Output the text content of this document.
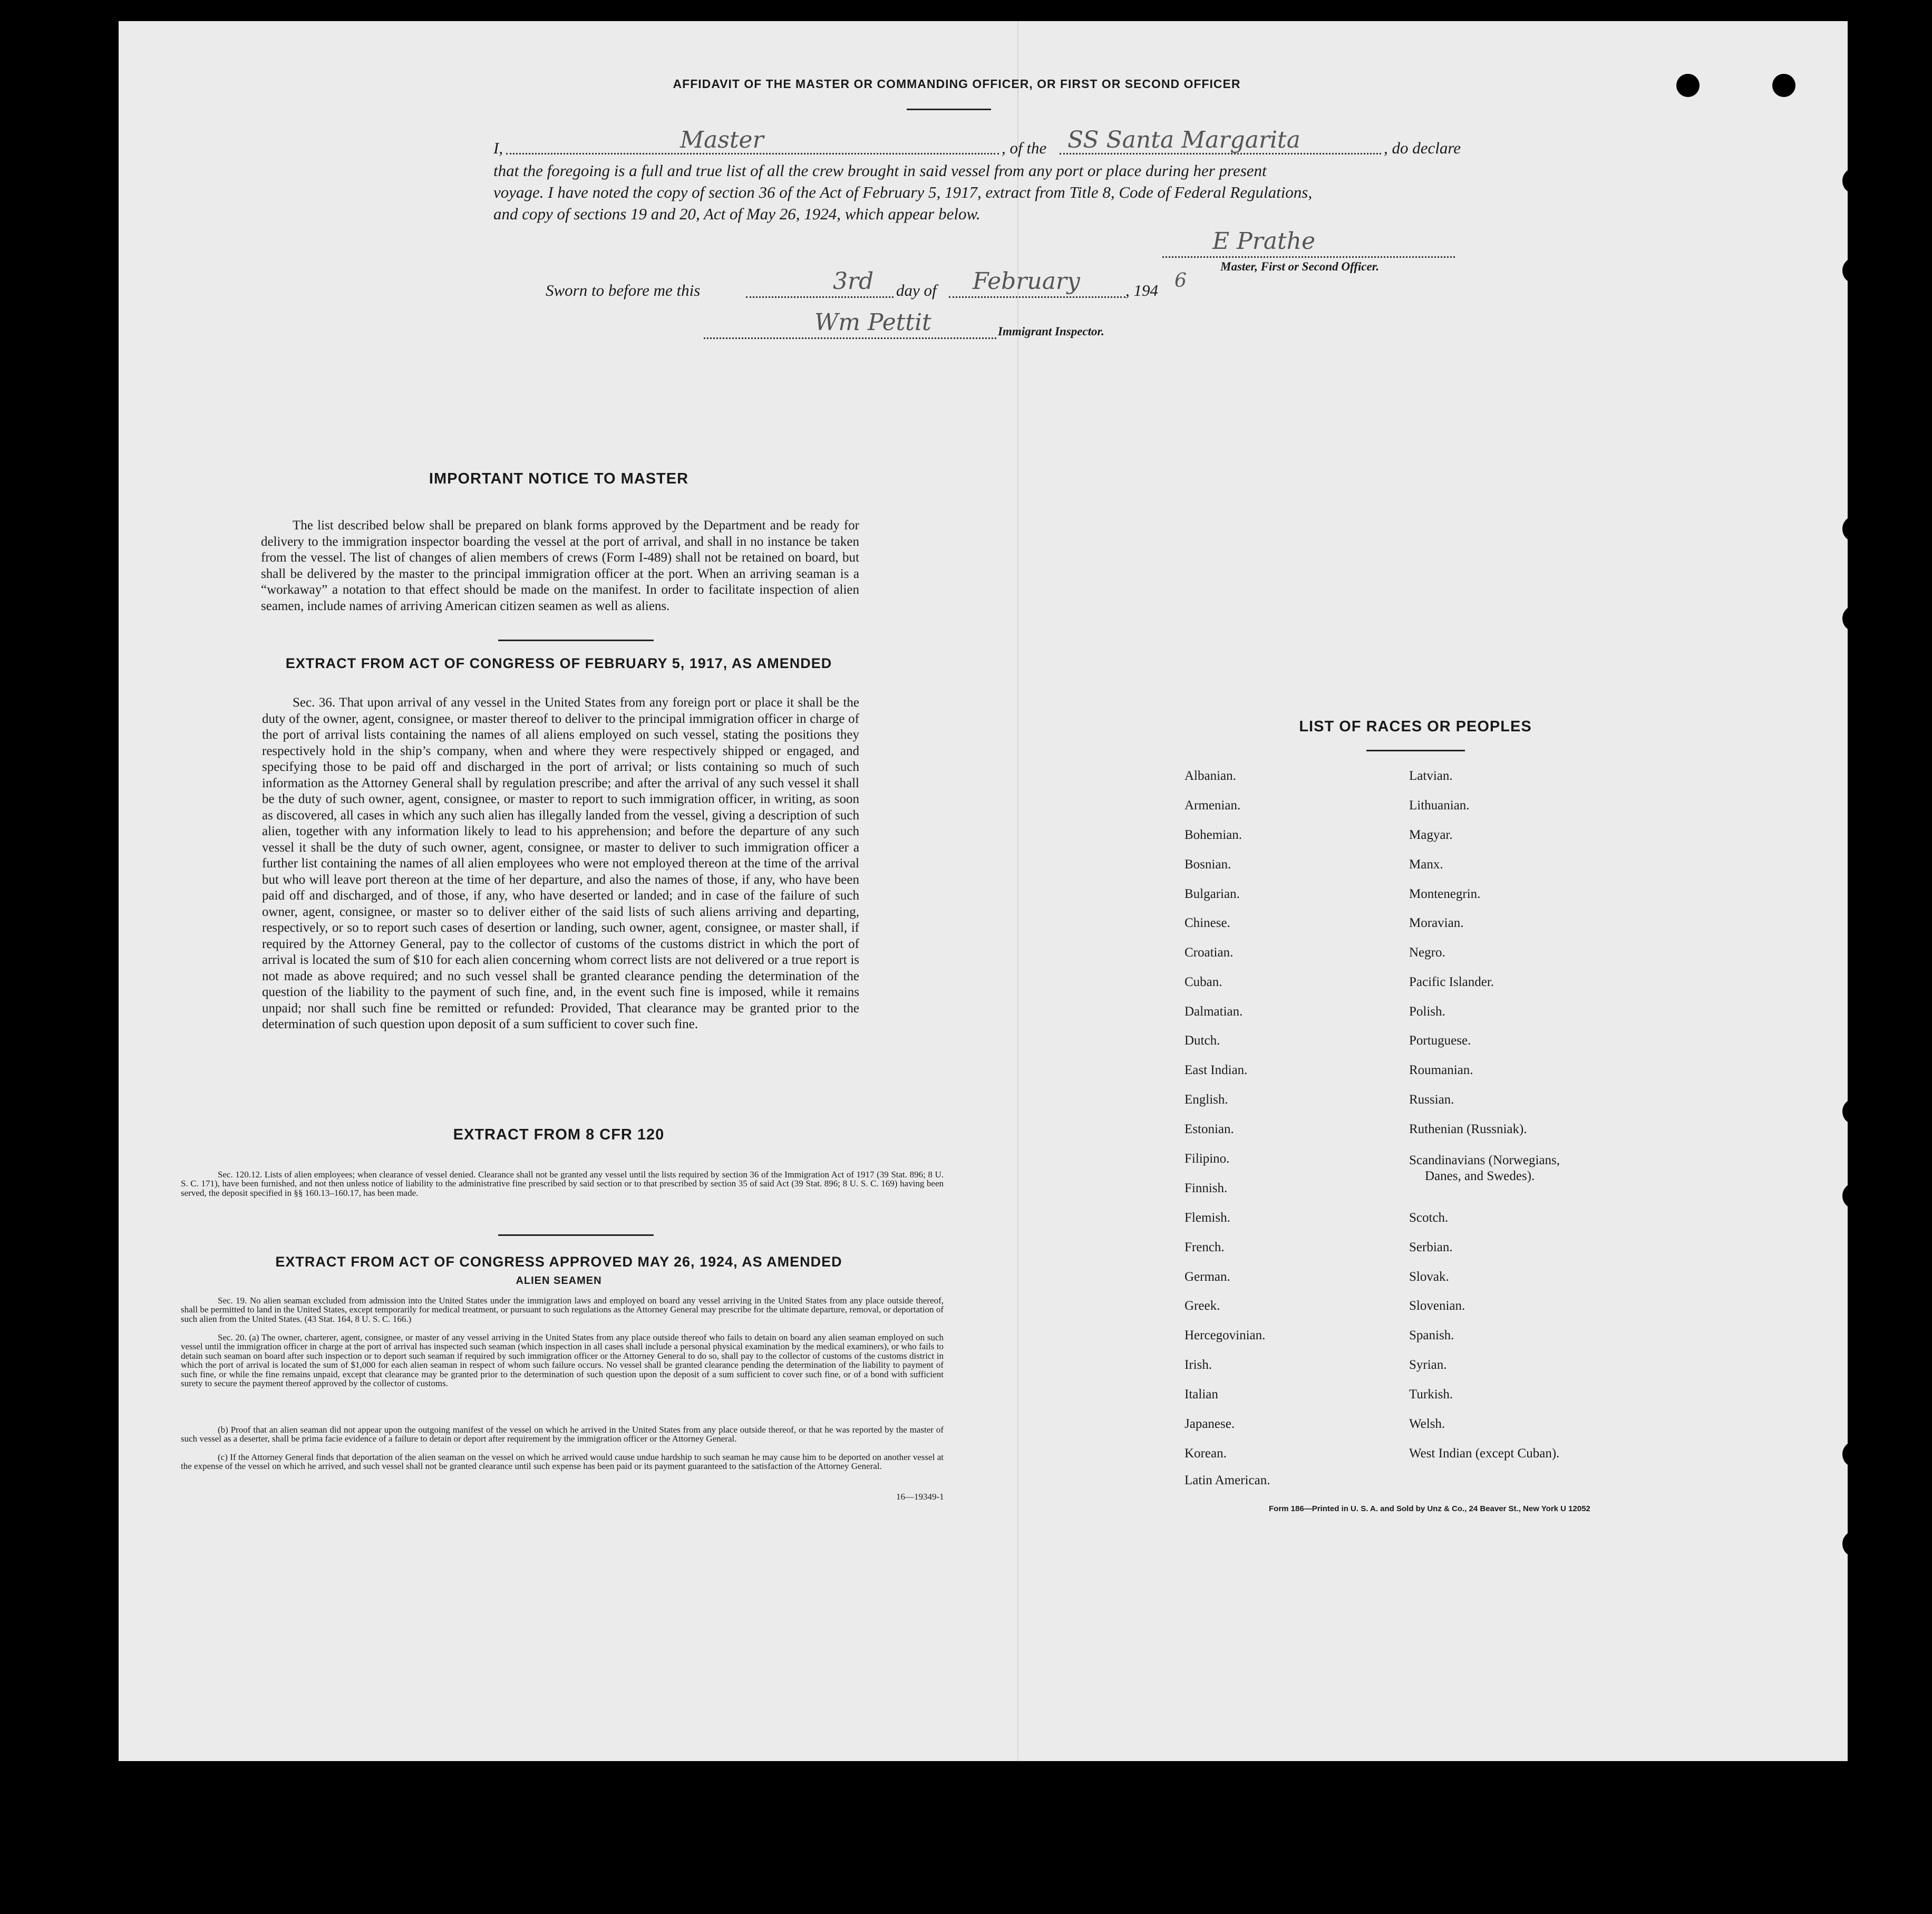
AFFIDAVIT OF THE MASTER OR COMMANDING OFFICER, OR FIRST OR SECOND OFFICER
I,	Master	, of the SS Santa Margarita	, do declare
that the foregoing is a full and true list of all the crew brought in said vessel from any port or place during her present
voyage. I have noted the copy of section 36 of the Act of February 5, 1917, extract from Title 8, Code of Federal Regulations,
and copy of sections 19 and 20, Act of May 26, 1924, which appear below.
E Prathe
Master, First or Second Officer.
Sworn to before me this	3rd day of February	, 194 6
Wm Pettit	Immigrant Inspector.
IMPORTANT NOTICE TO MASTER
The list described below shall be prepared on blank forms approved by the Department and be ready for delivery to the immigration inspector boarding the vessel at the port of arrival, and shall in no instance be taken from the vessel. The list of changes of alien members of crews (Form I-489) shall not be retained on board, but shall be delivered by the master to the principal immigration officer at the port. When an arriving seaman is a “workaway” a notation to that effect should be made on the manifest. In order to facilitate inspection of alien seamen, include names of arriving American citizen seamen as well as aliens.
EXTRACT FROM ACT OF CONGRESS OF FEBRUARY 5, 1917, AS AMENDED
Sec. 36. That upon arrival of any vessel in the United States from any foreign port or place it shall be the duty of the owner, agent, consignee, or master thereof to deliver to the principal immigration officer in charge of the port of arrival lists containing the names of all aliens employed on such vessel, stating the positions they respectively hold in the ship’s company, when and where they were respectively shipped or engaged, and specifying those to be paid off and discharged in the port of arrival; or lists containing so much of such information as the Attorney General shall by regulation prescribe; and after the arrival of any such vessel it shall be the duty of such owner, agent, consignee, or master to report to such immigration officer, in writing, as soon as discovered, all cases in which any such alien has illegally landed from the vessel, giving a description of such alien, together with any information likely to lead to his apprehension; and before the departure of any such vessel it shall be the duty of such owner, agent, consignee, or master to deliver to such immigration officer a further list containing the names of all alien employees who were not employed thereon at the time of the arrival but who will leave port thereon at the time of her departure, and also the names of those, if any, who have been paid off and discharged, and of those, if any, who have deserted or landed; and in case of the failure of such owner, agent, consignee, or master so to deliver either of the said lists of such aliens arriving and departing, respectively, or so to report such cases of desertion or landing, such owner, agent, consignee, or master shall, if required by the Attorney General, pay to the collector of customs of the customs district in which the port of arrival is located the sum of $10 for each alien concerning whom correct lists are not delivered or a true report is not made as above required; and no such vessel shall be granted clearance pending the determination of the question of the liability to the payment of such fine, and, in the event such fine is imposed, while it remains unpaid; nor shall such fine be remitted or refunded: Provided, That clearance may be granted prior to the determination of such question upon deposit of a sum sufficient to cover such fine.
EXTRACT FROM 8 CFR 120
Sec. 120.12. Lists of alien employees; when clearance of vessel denied. Clearance shall not be granted any vessel until the lists required by section 36 of the Immigration Act of 1917 (39 Stat. 896; 8 U. S. C. 171), have been furnished, and not then unless notice of liability to the administrative fine prescribed by said section or to that prescribed by section 35 of said Act (39 Stat. 896; 8 U. S. C. 169) having been served, the deposit specified in §§ 160.13–160.17, has been made.
EXTRACT FROM ACT OF CONGRESS APPROVED MAY 26, 1924, AS AMENDED
ALIEN SEAMEN
Sec. 19. No alien seaman excluded from admission into the United States under the immigration laws and employed on board any vessel arriving in the United States from any place outside thereof, shall be permitted to land in the United States, except temporarily for medical treatment, or pursuant to such regulations as the Attorney General may prescribe for the ultimate departure, removal, or deportation of such alien from the United States. (43 Stat. 164, 8 U. S. C. 166.)
Sec. 20. (a) The owner, charterer, agent, consignee, or master of any vessel arriving in the United States from any place outside thereof who fails to detain on board any alien seaman employed on such vessel until the immigration officer in charge at the port of arrival has inspected such seaman (which inspection in all cases shall include a personal physical examination by the medical examiners), or who fails to detain such seaman on board after such inspection or to deport such seaman if required by such immigration officer or the Attorney General to do so, shall pay to the collector of customs of the customs district in which the port of arrival is located the sum of $1,000 for each alien seaman in respect of whom such failure occurs. No vessel shall be granted clearance pending the determination of the liability to payment of such fine, or while the fine remains unpaid, except that clearance may be granted prior to the determination of such question upon the deposit of a sum sufficient to cover such fine, or of a bond with sufficient surety to secure the payment thereof approved by the collector of customs.
(b) Proof that an alien seaman did not appear upon the outgoing manifest of the vessel on which he arrived in the United States from any place outside thereof, or that he was reported by the master of such vessel as a deserter, shall be prima facie evidence of a failure to detain or deport after requirement by the immigration officer or the Attorney General.
(c) If the Attorney General finds that deportation of the alien seaman on the vessel on which he arrived would cause undue hardship to such seaman he may cause him to be deported on another vessel at the expense of the vessel on which he arrived, and such vessel shall not be granted clearance until such expense has been paid or its payment guaranteed to the satisfaction of the Attorney General.
16—19349-1
LIST OF RACES OR PEOPLES
Form 186—Printed in U. S. A. and Sold by Unz & Co., 24 Beaver St., New York U 12052
Albanian.
Armenian.
Bohemian.
Bosnian.
Bulgarian.
Chinese.
Croatian.
Cuban.
Dalmatian.
Dutch.
East Indian.
English.
Estonian.
Filipino.
Finnish.
Flemish.
French.
German.
Greek.
Hercegovinian.
Irish.
Italian
Japanese.
Korean.
Latin American.
Latvian.
Lithuanian.
Magyar.
Manx.
Montenegrin.
Moravian.
Negro.
Pacific Islander.
Polish.
Portuguese.
Roumanian.
Russian.
Ruthenian (Russniak).
Scandinavians (Norwegians,
Danes, and Swedes).
Scotch.
Serbian.
Slovak.
Slovenian.
Spanish.
Syrian.
Turkish.
Welsh.
West Indian (except Cuban).
